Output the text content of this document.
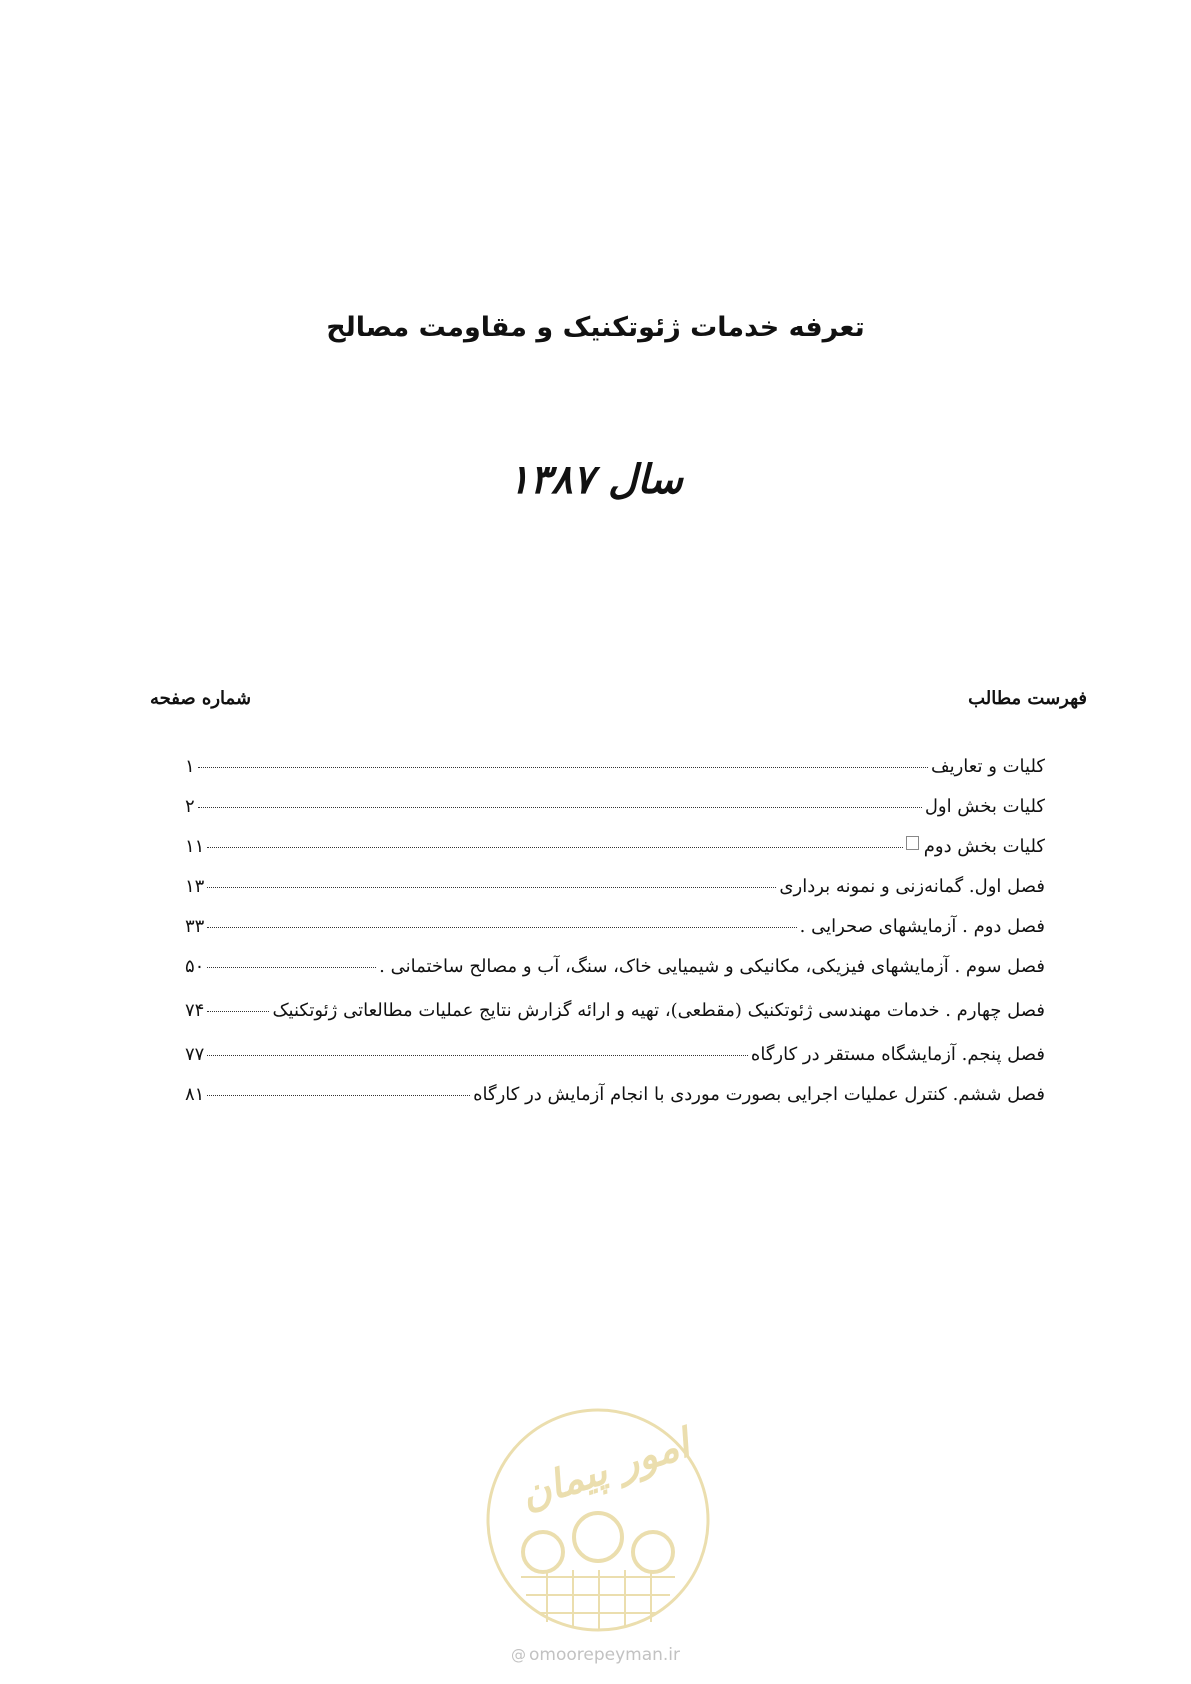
تعرفه خدمات ژئوتکنیک و مقاومت مصالح
سال ۱۳۸۷
فهرست مطالب
شماره صفحه
کلیات و تعاریف
۱
کلیات بخش اول
۲
کلیات بخش دوم
۱۱
فصل اول. گمانه‌زنی و نمونه برداری
۱۳
فصل دوم . آزمایشهای صحرایی .
۳۳
فصل سوم . آزمایشهای فیزیکی، مکانیکی و شیمیایی خاک، سنگ، آب و مصالح ساختمانی .
۵۰
فصل چهارم . خدمات مهندسی ژئوتکنیک (مقطعی)، تهیه و ارائه گزارش نتایج عملیات مطالعاتی ژئوتکنیک
۷۴
فصل پنجم. آزمایشگاه مستقر در کارگاه
۷۷
فصل ششم. کنترل عملیات اجرایی بصورت موردی با انجام آزمایش در کارگاه
۸۱
امور پیمان
@ omoorepeyman.ir
